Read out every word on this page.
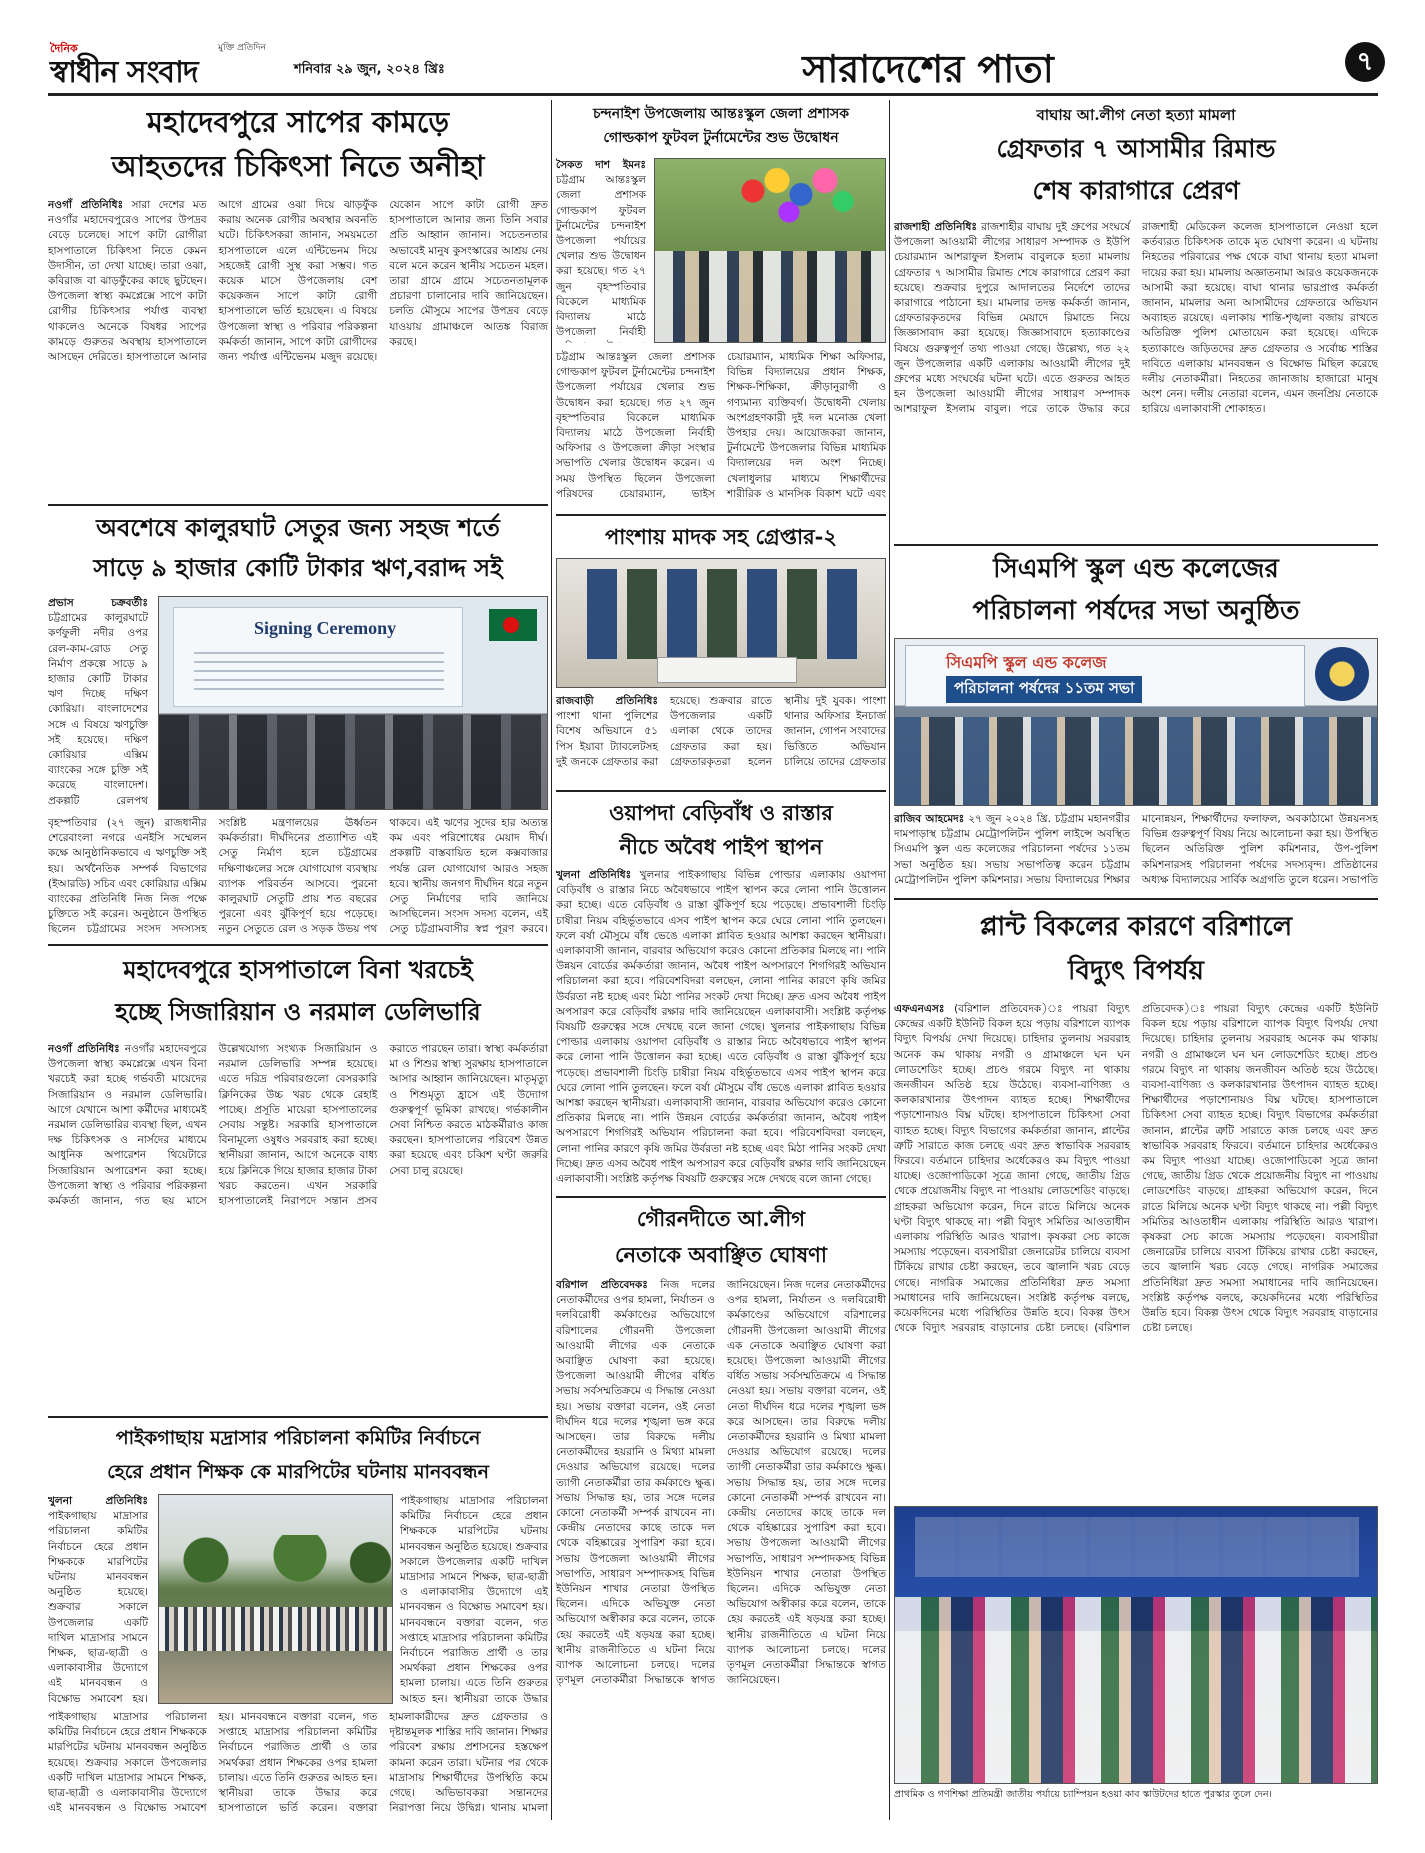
দৈনিক	মুক্তি প্রতিদিন
স্বাধীন সংবাদ	শনিবার ২৯ জুন, ২০২৪ খ্রিঃ	সারাদেশের পাতা	৭
মহাদেবপুরে সাপের কামড়ে
আহতদের চিকিৎসা নিতে অনীহা
নওগাঁ প্রতিনিধিঃ সারা দেশের মত নওগাঁর মহাদেবপুরেও সাপের উপদ্রব বেড়ে চলেছে। সাপে কাটা রোগীরা হাসপাতালে চিকিৎসা নিতে কেমন উদাসীন, তা দেখা যাচ্ছে। তারা ওঝা, কবিরাজ বা ঝাড়ফুঁকের কাছে ছুটছেন। উপজেলা স্বাস্থ্য কমপ্লেক্সে সাপে কাটা রোগীর চিকিৎসার পর্যাপ্ত ব্যবস্থা থাকলেও অনেকে বিষধর সাপের কামড়ে গুরুতর অবস্থায় হাসপাতালে আসছেন দেরিতে। হাসপাতালে আনার আগে গ্রামের ওঝা দিয়ে ঝাড়ফুঁক করায় অনেক রোগীর অবস্থার অবনতি ঘটে। চিকিৎসকরা জানান, সময়মতো হাসপাতালে এলে এন্টিভেনম দিয়ে সহজেই রোগী সুস্থ করা সম্ভব। গত কয়েক মাসে উপজেলায় বেশ কয়েকজন সাপে কাটা রোগী হাসপাতালে ভর্তি হয়েছেন। এ বিষয়ে উপজেলা স্বাস্থ্য ও পরিবার পরিকল্পনা কর্মকর্তা জানান, সাপে কাটা রোগীদের জন্য পর্যাপ্ত এন্টিভেনম মজুদ রয়েছে। যেকোন সাপে কাটা রোগী দ্রুত হাসপাতালে আনার জন্য তিনি সবার প্রতি আহ্বান জানান। সচেতনতার অভাবেই মানুষ কুসংস্কারের আশ্রয় নেয় বলে মনে করেন স্থানীয় সচেতন মহল। তারা গ্রামে গ্রামে সচেতনতামূলক প্রচারণা চালানোর দাবি জানিয়েছেন। চলতি মৌসুমে সাপের উপদ্রব বেড়ে যাওয়ায় গ্রামাঞ্চলে আতঙ্ক বিরাজ করছে।
অবশেষে কালুরঘাট সেতুর জন্য সহজ শর্তে
সাড়ে ৯ হাজার কোটি টাকার ঋণ,বরাদ্দ সই
প্রভাস চক্রবর্তীঃ চট্টগ্রামের কালুরঘাটে কর্ণফুলী নদীর ওপর রেল-কাম-রোড সেতু নির্মাণ প্রকল্পে সাড়ে ৯ হাজার কোটি টাকার ঋণ দিচ্ছে দক্ষিণ কোরিয়া। বাংলাদেশের সঙ্গে এ বিষয়ে ঋণচুক্তি সই হয়েছে। দক্ষিণ কোরিয়ার এক্সিম ব্যাংকের সঙ্গে চুক্তি সই করেছে বাংলাদেশ। প্রকল্পটি রেলপথ
Signing Ceremony
বৃহস্পতিবার (২৭ জুন) রাজধানীর শেরেবাংলা নগরে এনইসি সম্মেলন কক্ষে আনুষ্ঠানিকভাবে এ ঋণচুক্তি সই হয়। অর্থনৈতিক সম্পর্ক বিভাগের (ইআরডি) সচিব এবং কোরিয়ার এক্সিম ব্যাংকের প্রতিনিধি নিজ নিজ পক্ষে চুক্তিতে সই করেন। অনুষ্ঠানে উপস্থিত ছিলেন চট্টগ্রামের সংসদ সদস্যসহ সংশ্লিষ্ট মন্ত্রণালয়ের ঊর্ধ্বতন কর্মকর্তারা। দীর্ঘদিনের প্রত্যাশিত এই সেতু নির্মাণ হলে চট্টগ্রামের দক্ষিণাঞ্চলের সঙ্গে যোগাযোগ ব্যবস্থায় ব্যাপক পরিবর্তন আসবে। পুরনো কালুরঘাট সেতুটি প্রায় শত বছরের পুরনো এবং ঝুঁকিপূর্ণ হয়ে পড়েছে। নতুন সেতুতে রেল ও সড়ক উভয় পথ থাকবে। এই ঋণের সুদের হার অত্যন্ত কম এবং পরিশোধের মেয়াদ দীর্ঘ। প্রকল্পটি বাস্তবায়িত হলে কক্সবাজার পর্যন্ত রেল যোগাযোগ আরও সহজ হবে। স্থানীয় জনগণ দীর্ঘদিন ধরে নতুন সেতু নির্মাণের দাবি জানিয়ে আসছিলেন। সংসদ সদস্য বলেন, এই সেতু চট্টগ্রামবাসীর স্বপ্ন পূরণ করবে।
মহাদেবপুরে হাসপাতালে বিনা খরচেই
হচ্ছে সিজারিয়ান ও নরমাল ডেলিভারি
নওগাঁ প্রতিনিধিঃ নওগাঁর মহাদেবপুরে উপজেলা স্বাস্থ্য কমপ্লেক্সে এখন বিনা খরচেই করা হচ্ছে গর্ভবতী মায়েদের সিজারিয়ান ও নরমাল ডেলিভারি। আগে যেখানে আশা কর্মীদের মাধ্যমেই নরমাল ডেলিভারির ব্যবস্থা ছিল, এখন দক্ষ চিকিৎসক ও নার্সদের মাধ্যমে আধুনিক অপারেশন থিয়েটারে সিজারিয়ান অপারেশন করা হচ্ছে। উপজেলা স্বাস্থ্য ও পরিবার পরিকল্পনা কর্মকর্তা জানান, গত ছয় মাসে উল্লেখযোগ্য সংখ্যক সিজারিয়ান ও নরমাল ডেলিভারি সম্পন্ন হয়েছে। এতে দরিদ্র পরিবারগুলো বেসরকারি ক্লিনিকের উচ্চ খরচ থেকে রেহাই পাচ্ছে। প্রসূতি মায়েরা হাসপাতালের সেবায় সন্তুষ্ট। সরকারি হাসপাতালে বিনামূল্যে ওষুধও সরবরাহ করা হচ্ছে। স্থানীয়রা জানান, আগে অনেকে বাধ্য হয়ে ক্লিনিকে গিয়ে হাজার হাজার টাকা খরচ করতেন। এখন সরকারি হাসপাতালেই নিরাপদে সন্তান প্রসব করাতে পারছেন তারা। স্বাস্থ্য কর্মকর্তারা মা ও শিশুর স্বাস্থ্য সুরক্ষায় হাসপাতালে আসার আহ্বান জানিয়েছেন। মাতৃমৃত্যু ও শিশুমৃত্যু হ্রাসে এই উদ্যোগ গুরুত্বপূর্ণ ভূমিকা রাখছে। গর্ভকালীন সেবা নিশ্চিত করতে মাঠকর্মীরাও কাজ করছেন। হাসপাতালের পরিবেশ উন্নত করা হয়েছে এবং চব্বিশ ঘণ্টা জরুরি সেবা চালু রয়েছে।
পাইকগাছায় মদ্রাসার পরিচালনা কমিটির নির্বাচনে
হেরে প্রধান শিক্ষক কে মারপিটের ঘটনায় মানববন্ধন
খুলনা প্রতিনিধিঃ পাইকগাছায় মাদ্রাসার পরিচালনা কমিটির নির্বাচনে হেরে প্রধান শিক্ষককে মারপিটের ঘটনায় মানববন্ধন অনুষ্ঠিত হয়েছে। শুক্রবার সকালে উপজেলার একটি দাখিল মাদ্রাসার সামনে শিক্ষক, ছাত্র-ছাত্রী ও এলাকাবাসীর উদ্যোগে এই মানববন্ধন ও বিক্ষোভ সমাবেশ হয়।
পাইকগাছায় মাদ্রাসার পরিচালনা কমিটির নির্বাচনে হেরে প্রধান শিক্ষককে মারপিটের ঘটনায় মানববন্ধন অনুষ্ঠিত হয়েছে। শুক্রবার সকালে উপজেলার একটি দাখিল মাদ্রাসার সামনে শিক্ষক, ছাত্র-ছাত্রী ও এলাকাবাসীর উদ্যোগে এই মানববন্ধন ও বিক্ষোভ সমাবেশ হয়। মানববন্ধনে বক্তারা বলেন, গত সপ্তাহে মাদ্রাসার পরিচালনা কমিটির নির্বাচনে পরাজিত প্রার্থী ও তার সমর্থকরা প্রধান শিক্ষকের ওপর হামলা চালায়। এতে তিনি গুরুতর আহত হন। স্থানীয়রা তাকে উদ্ধার
পাইকগাছায় মাদ্রাসার পরিচালনা কমিটির নির্বাচনে হেরে প্রধান শিক্ষককে মারপিটের ঘটনায় মানববন্ধন অনুষ্ঠিত হয়েছে। শুক্রবার সকালে উপজেলার একটি দাখিল মাদ্রাসার সামনে শিক্ষক, ছাত্র-ছাত্রী ও এলাকাবাসীর উদ্যোগে এই মানববন্ধন ও বিক্ষোভ সমাবেশ হয়। মানববন্ধনে বক্তারা বলেন, গত সপ্তাহে মাদ্রাসার পরিচালনা কমিটির নির্বাচনে পরাজিত প্রার্থী ও তার সমর্থকরা প্রধান শিক্ষকের ওপর হামলা চালায়। এতে তিনি গুরুতর আহত হন। স্থানীয়রা তাকে উদ্ধার করে হাসপাতালে ভর্তি করেন। বক্তারা হামলাকারীদের দ্রুত গ্রেফতার ও দৃষ্টান্তমূলক শাস্তির দাবি জানান। শিক্ষার পরিবেশ রক্ষায় প্রশাসনের হস্তক্ষেপ কামনা করেন তারা। ঘটনার পর থেকে মাদ্রাসায় শিক্ষার্থীদের উপস্থিতি কমে গেছে। অভিভাবকরা সন্তানদের নিরাপত্তা নিয়ে উদ্বিগ্ন। থানায় মামলা
চন্দনাইশ উপজেলায় আন্তঃস্কুল জেলা প্রশাসক
গোল্ডকাপ ফুটবল টুর্নামেন্টের শুভ উদ্বোধন
সৈকত দাশ ইমনঃ চট্টগ্রাম আন্তঃস্কুল জেলা প্রশাসক গোল্ডকাপ ফুটবল টুর্নামেন্টের চন্দনাইশ উপজেলা পর্যায়ের খেলার শুভ উদ্বোধন করা হয়েছে। গত ২৭ জুন বৃহস্পতিবার বিকেলে মাধ্যমিক বিদ্যালয় মাঠে উপজেলা নির্বাহী
চট্টগ্রাম আন্তঃস্কুল জেলা প্রশাসক গোল্ডকাপ ফুটবল টুর্নামেন্টের চন্দনাইশ উপজেলা পর্যায়ের খেলার শুভ উদ্বোধন করা হয়েছে। গত ২৭ জুন বৃহস্পতিবার বিকেলে মাধ্যমিক বিদ্যালয় মাঠে উপজেলা নির্বাহী অফিসার ও উপজেলা ক্রীড়া সংস্থার সভাপতি খেলার উদ্বোধন করেন। এ সময় উপস্থিত ছিলেন উপজেলা পরিষদের চেয়ারম্যান, ভাইস চেয়ারম্যান, মাধ্যমিক শিক্ষা অফিসার, বিভিন্ন বিদ্যালয়ের প্রধান শিক্ষক, শিক্ষক-শিক্ষিকা, ক্রীড়ানুরাগী ও গণ্যমান্য ব্যক্তিবর্গ। উদ্বোধনী খেলায় অংশগ্রহণকারী দুই দল মনোজ্ঞ খেলা উপহার দেয়। আয়োজকরা জানান, টুর্নামেন্টে উপজেলার বিভিন্ন মাধ্যমিক বিদ্যালয়ের দল অংশ নিচ্ছে। খেলাধুলার মাধ্যমে শিক্ষার্থীদের শারীরিক ও মানসিক বিকাশ ঘটে এবং
পাংশায় মাদক সহ গ্রেপ্তার-২
রাজবাড়ী প্রতিনিধিঃ পাংশা থানা পুলিশের বিশেষ অভিযানে ৫১ পিস ইয়াবা ট্যাবলেটসহ দুই জনকে গ্রেফতার করা হয়েছে। শুক্রবার রাতে উপজেলার একটি এলাকা থেকে তাদের গ্রেফতার করা হয়। গ্রেফতারকৃতরা হলেন স্থানীয় দুই যুবক। পাংশা থানার অফিসার ইনচার্জ জানান, গোপন সংবাদের ভিত্তিতে অভিযান চালিয়ে তাদের গ্রেফতার
ওয়াপদা বেড়িবাঁধ ও রাস্তার
নীচে অবৈধ পাইপ স্থাপন
খুলনা প্রতিনিধিঃ খুলনার পাইকগাছায় বিভিন্ন পোল্ডার এলাকায় ওয়াপদা বেড়িবাঁধ ও রাস্তার নিচে অবৈধভাবে পাইপ স্থাপন করে লোনা পানি উত্তোলন করা হচ্ছে। এতে বেড়িবাঁধ ও রাস্তা ঝুঁকিপূর্ণ হয়ে পড়েছে। প্রভাবশালী চিংড়ি চাষীরা নিয়ম বহির্ভূতভাবে এসব পাইপ স্থাপন করে ঘেরে লোনা পানি তুলছেন। ফলে বর্ষা মৌসুমে বাঁধ ভেঙে এলাকা প্লাবিত হওয়ার আশঙ্কা করছেন স্থানীয়রা। এলাকাবাসী জানান, বারবার অভিযোগ করেও কোনো প্রতিকার মিলছে না। পানি উন্নয়ন বোর্ডের কর্মকর্তারা জানান, অবৈধ পাইপ অপসারণে শিগগিরই অভিযান পরিচালনা করা হবে। পরিবেশবিদরা বলছেন, লোনা পানির কারণে কৃষি জমির উর্বরতা নষ্ট হচ্ছে এবং মিঠা পানির সংকট দেখা দিচ্ছে। দ্রুত এসব অবৈধ পাইপ অপসারণ করে বেড়িবাঁধ রক্ষার দাবি জানিয়েছেন এলাকাবাসী। সংশ্লিষ্ট কর্তৃপক্ষ বিষয়টি গুরুত্বের সঙ্গে দেখছে বলে জানা গেছে। খুলনার পাইকগাছায় বিভিন্ন পোল্ডার এলাকায় ওয়াপদা বেড়িবাঁধ ও রাস্তার নিচে অবৈধভাবে পাইপ স্থাপন করে লোনা পানি উত্তোলন করা হচ্ছে। এতে বেড়িবাঁধ ও রাস্তা ঝুঁকিপূর্ণ হয়ে পড়েছে। প্রভাবশালী চিংড়ি চাষীরা নিয়ম বহির্ভূতভাবে এসব পাইপ স্থাপন করে ঘেরে লোনা পানি তুলছেন। ফলে বর্ষা মৌসুমে বাঁধ ভেঙে এলাকা প্লাবিত হওয়ার আশঙ্কা করছেন স্থানীয়রা। এলাকাবাসী জানান, বারবার অভিযোগ করেও কোনো প্রতিকার মিলছে না। পানি উন্নয়ন বোর্ডের কর্মকর্তারা জানান, অবৈধ পাইপ অপসারণে শিগগিরই অভিযান পরিচালনা করা হবে। পরিবেশবিদরা বলছেন, লোনা পানির কারণে কৃষি জমির উর্বরতা নষ্ট হচ্ছে এবং মিঠা পানির সংকট দেখা দিচ্ছে। দ্রুত এসব অবৈধ পাইপ অপসারণ করে বেড়িবাঁধ রক্ষার দাবি জানিয়েছেন এলাকাবাসী। সংশ্লিষ্ট কর্তৃপক্ষ বিষয়টি গুরুত্বের সঙ্গে দেখছে বলে জানা গেছে।
গৌরনদীতে আ.লীগ
নেতাকে অবাঞ্ছিত ঘোষণা
বরিশাল প্রতিবেদকঃ নিজ দলের নেতাকর্মীদের ওপর হামলা, নির্যাতন ও দলবিরোধী কর্মকাণ্ডের অভিযোগে বরিশালের গৌরনদী উপজেলা আওয়ামী লীগের এক নেতাকে অবাঞ্ছিত ঘোষণা করা হয়েছে। উপজেলা আওয়ামী লীগের বর্ধিত সভায় সর্বসম্মতিক্রমে এ সিদ্ধান্ত নেওয়া হয়। সভায় বক্তারা বলেন, ওই নেতা দীর্ঘদিন ধরে দলের শৃঙ্খলা ভঙ্গ করে আসছেন। তার বিরুদ্ধে দলীয় নেতাকর্মীদের হয়রানি ও মিথ্যা মামলা দেওয়ার অভিযোগ রয়েছে। দলের ত্যাগী নেতাকর্মীরা তার কর্মকাণ্ডে ক্ষুব্ধ। সভায় সিদ্ধান্ত হয়, তার সঙ্গে দলের কোনো নেতাকর্মী সম্পর্ক রাখবেন না। কেন্দ্রীয় নেতাদের কাছে তাকে দল থেকে বহিষ্কারের সুপারিশ করা হবে। সভায় উপজেলা আওয়ামী লীগের সভাপতি, সাধারণ সম্পাদকসহ বিভিন্ন ইউনিয়ন শাখার নেতারা উপস্থিত ছিলেন। এদিকে অভিযুক্ত নেতা অভিযোগ অস্বীকার করে বলেন, তাকে হেয় করতেই এই ষড়যন্ত্র করা হচ্ছে। স্থানীয় রাজনীতিতে এ ঘটনা নিয়ে ব্যাপক আলোচনা চলছে। দলের তৃণমূল নেতাকর্মীরা সিদ্ধান্তকে স্বাগত জানিয়েছেন। নিজ দলের নেতাকর্মীদের ওপর হামলা, নির্যাতন ও দলবিরোধী কর্মকাণ্ডের অভিযোগে বরিশালের গৌরনদী উপজেলা আওয়ামী লীগের এক নেতাকে অবাঞ্ছিত ঘোষণা করা হয়েছে। উপজেলা আওয়ামী লীগের বর্ধিত সভায় সর্বসম্মতিক্রমে এ সিদ্ধান্ত নেওয়া হয়। সভায় বক্তারা বলেন, ওই নেতা দীর্ঘদিন ধরে দলের শৃঙ্খলা ভঙ্গ করে আসছেন। তার বিরুদ্ধে দলীয় নেতাকর্মীদের হয়রানি ও মিথ্যা মামলা দেওয়ার অভিযোগ রয়েছে। দলের ত্যাগী নেতাকর্মীরা তার কর্মকাণ্ডে ক্ষুব্ধ। সভায় সিদ্ধান্ত হয়, তার সঙ্গে দলের কোনো নেতাকর্মী সম্পর্ক রাখবেন না। কেন্দ্রীয় নেতাদের কাছে তাকে দল থেকে বহিষ্কারের সুপারিশ করা হবে। সভায় উপজেলা আওয়ামী লীগের সভাপতি, সাধারণ সম্পাদকসহ বিভিন্ন ইউনিয়ন শাখার নেতারা উপস্থিত ছিলেন। এদিকে অভিযুক্ত নেতা অভিযোগ অস্বীকার করে বলেন, তাকে হেয় করতেই এই ষড়যন্ত্র করা হচ্ছে। স্থানীয় রাজনীতিতে এ ঘটনা নিয়ে ব্যাপক আলোচনা চলছে। দলের তৃণমূল নেতাকর্মীরা সিদ্ধান্তকে স্বাগত জানিয়েছেন।
বাঘায় আ.লীগ নেতা হত্যা মামলা
গ্রেফতার ৭ আসামীর রিমান্ড
শেষ কারাগারে প্রেরণ
রাজশাহী প্রতিনিধিঃ রাজশাহীর বাঘায় দুই গ্রুপের সংঘর্ষে উপজেলা আওয়ামী লীগের সাধারণ সম্পাদক ও ইউপি চেয়ারম্যান আশরাফুল ইসলাম বাবুলকে হত্যা মামলায় গ্রেফতার ৭ আসামীর রিমান্ড শেষে কারাগারে প্রেরণ করা হয়েছে। শুক্রবার দুপুরে আদালতের নির্দেশে তাদের কারাগারে পাঠানো হয়। মামলার তদন্ত কর্মকর্তা জানান, গ্রেফতারকৃতদের বিভিন্ন মেয়াদে রিমান্ডে নিয়ে জিজ্ঞাসাবাদ করা হয়েছে। জিজ্ঞাসাবাদে হত্যাকাণ্ডের বিষয়ে গুরুত্বপূর্ণ তথ্য পাওয়া গেছে। উল্লেখ্য, গত ২২ জুন উপজেলার একটি এলাকায় আওয়ামী লীগের দুই গ্রুপের মধ্যে সংঘর্ষের ঘটনা ঘটে। এতে গুরুতর আহত হন উপজেলা আওয়ামী লীগের সাধারণ সম্পাদক আশরাফুল ইসলাম বাবুল। পরে তাকে উদ্ধার করে রাজশাহী মেডিকেল কলেজ হাসপাতালে নেওয়া হলে কর্তব্যরত চিকিৎসক তাকে মৃত ঘোষণা করেন। এ ঘটনায় নিহতের পরিবারের পক্ষ থেকে বাঘা থানায় হত্যা মামলা দায়ের করা হয়। মামলায় অজ্ঞাতনামা আরও কয়েকজনকে আসামী করা হয়েছে। বাঘা থানার ভারপ্রাপ্ত কর্মকর্তা জানান, মামলার অন্য আসামীদের গ্রেফতারে অভিযান অব্যাহত রয়েছে। এলাকায় শান্তি-শৃঙ্খলা বজায় রাখতে অতিরিক্ত পুলিশ মোতায়েন করা হয়েছে। এদিকে হত্যাকাণ্ডে জড়িতদের দ্রুত গ্রেফতার ও সর্বোচ্চ শাস্তির দাবিতে এলাকায় মানববন্ধন ও বিক্ষোভ মিছিল করেছে দলীয় নেতাকর্মীরা। নিহতের জানাজায় হাজারো মানুষ অংশ নেন। দলীয় নেতারা বলেন, এমন জনপ্রিয় নেতাকে হারিয়ে এলাকাবাসী শোকাহত।
সিএমপি স্কুল এন্ড কলেজের
পরিচালনা পর্ষদের সভা অনুষ্ঠিত
সিএমপি স্কুল এন্ড কলেজ
পরিচালনা পর্ষদের ১১তম সভা
রাজিব আহমেদঃ ২৭ জুন ২০২৪ খ্রি. চট্টগ্রাম মহানগরীর দামপাড়াস্থ চট্টগ্রাম মেট্রোপলিটন পুলিশ লাইন্সে অবস্থিত সিএমপি স্কুল এন্ড কলেজের পরিচালনা পর্ষদের ১১তম সভা অনুষ্ঠিত হয়। সভায় সভাপতিত্ব করেন চট্টগ্রাম মেট্রোপলিটন পুলিশ কমিশনার। সভায় বিদ্যালয়ের শিক্ষার মানোন্নয়ন, শিক্ষার্থীদের ফলাফল, অবকাঠামো উন্নয়নসহ বিভিন্ন গুরুত্বপূর্ণ বিষয় নিয়ে আলোচনা করা হয়। উপস্থিত ছিলেন অতিরিক্ত পুলিশ কমিশনার, উপ-পুলিশ কমিশনারসহ পরিচালনা পর্ষদের সদস্যবৃন্দ। প্রতিষ্ঠানের অধ্যক্ষ বিদ্যালয়ের সার্বিক অগ্রগতি তুলে ধরেন। সভাপতি
প্লান্ট বিকলের কারণে বরিশালে
বিদ্যুৎ বিপর্যয়
এফএনএসঃ (বরিশাল প্রতিবেদক)ঃ পায়রা বিদ্যুৎ কেন্দ্রের একটি ইউনিট বিকল হয়ে পড়ায় বরিশালে ব্যাপক বিদ্যুৎ বিপর্যয় দেখা দিয়েছে। চাহিদার তুলনায় সরবরাহ অনেক কম থাকায় নগরী ও গ্রামাঞ্চলে ঘন ঘন লোডশেডিং হচ্ছে। প্রচণ্ড গরমে বিদ্যুৎ না থাকায় জনজীবন অতিষ্ঠ হয়ে উঠেছে। ব্যবসা-বাণিজ্য ও কলকারখানার উৎপাদন ব্যাহত হচ্ছে। শিক্ষার্থীদের পড়াশোনায়ও বিঘ্ন ঘটছে। হাসপাতালে চিকিৎসা সেবা ব্যাহত হচ্ছে। বিদ্যুৎ বিভাগের কর্মকর্তারা জানান, প্লান্টের ত্রুটি সারাতে কাজ চলছে এবং দ্রুত স্বাভাবিক সরবরাহ ফিরবে। বর্তমানে চাহিদার অর্ধেকেরও কম বিদ্যুৎ পাওয়া যাচ্ছে। ওজোপাডিকো সূত্রে জানা গেছে, জাতীয় গ্রিড থেকে প্রয়োজনীয় বিদ্যুৎ না পাওয়ায় লোডশেডিং বাড়ছে। গ্রাহকরা অভিযোগ করেন, দিনে রাতে মিলিয়ে অনেক ঘণ্টা বিদ্যুৎ থাকছে না। পল্লী বিদ্যুৎ সমিতির আওতাধীন এলাকায় পরিস্থিতি আরও খারাপ। কৃষকরা সেচ কাজে সমস্যায় পড়েছেন। ব্যবসায়ীরা জেনারেটর চালিয়ে ব্যবসা টিকিয়ে রাখার চেষ্টা করছেন, তবে জ্বালানি খরচ বেড়ে গেছে। নাগরিক সমাজের প্রতিনিধিরা দ্রুত সমস্যা সমাধানের দাবি জানিয়েছেন। সংশ্লিষ্ট কর্তৃপক্ষ বলছে, কয়েকদিনের মধ্যে পরিস্থিতির উন্নতি হবে। বিকল্প উৎস থেকে বিদ্যুৎ সরবরাহ বাড়ানোর চেষ্টা চলছে। (বরিশাল প্রতিবেদক)ঃ পায়রা বিদ্যুৎ কেন্দ্রের একটি ইউনিট বিকল হয়ে পড়ায় বরিশালে ব্যাপক বিদ্যুৎ বিপর্যয় দেখা দিয়েছে। চাহিদার তুলনায় সরবরাহ অনেক কম থাকায় নগরী ও গ্রামাঞ্চলে ঘন ঘন লোডশেডিং হচ্ছে। প্রচণ্ড গরমে বিদ্যুৎ না থাকায় জনজীবন অতিষ্ঠ হয়ে উঠেছে। ব্যবসা-বাণিজ্য ও কলকারখানার উৎপাদন ব্যাহত হচ্ছে। শিক্ষার্থীদের পড়াশোনায়ও বিঘ্ন ঘটছে। হাসপাতালে চিকিৎসা সেবা ব্যাহত হচ্ছে। বিদ্যুৎ বিভাগের কর্মকর্তারা জানান, প্লান্টের ত্রুটি সারাতে কাজ চলছে এবং দ্রুত স্বাভাবিক সরবরাহ ফিরবে। বর্তমানে চাহিদার অর্ধেকেরও কম বিদ্যুৎ পাওয়া যাচ্ছে। ওজোপাডিকো সূত্রে জানা গেছে, জাতীয় গ্রিড থেকে প্রয়োজনীয় বিদ্যুৎ না পাওয়ায় লোডশেডিং বাড়ছে। গ্রাহকরা অভিযোগ করেন, দিনে রাতে মিলিয়ে অনেক ঘণ্টা বিদ্যুৎ থাকছে না। পল্লী বিদ্যুৎ সমিতির আওতাধীন এলাকায় পরিস্থিতি আরও খারাপ। কৃষকরা সেচ কাজে সমস্যায় পড়েছেন। ব্যবসায়ীরা জেনারেটর চালিয়ে ব্যবসা টিকিয়ে রাখার চেষ্টা করছেন, তবে জ্বালানি খরচ বেড়ে গেছে। নাগরিক সমাজের প্রতিনিধিরা দ্রুত সমস্যা সমাধানের দাবি জানিয়েছেন। সংশ্লিষ্ট কর্তৃপক্ষ বলছে, কয়েকদিনের মধ্যে পরিস্থিতির উন্নতি হবে। বিকল্প উৎস থেকে বিদ্যুৎ সরবরাহ বাড়ানোর চেষ্টা চলছে।
প্রাথমিক ও গণশিক্ষা প্রতিমন্ত্রী জাতীয় পর্যায়ে চ্যাম্পিয়ন হওয়া কাব স্কাউটদের হাতে পুরস্কার তুলে দেন।
